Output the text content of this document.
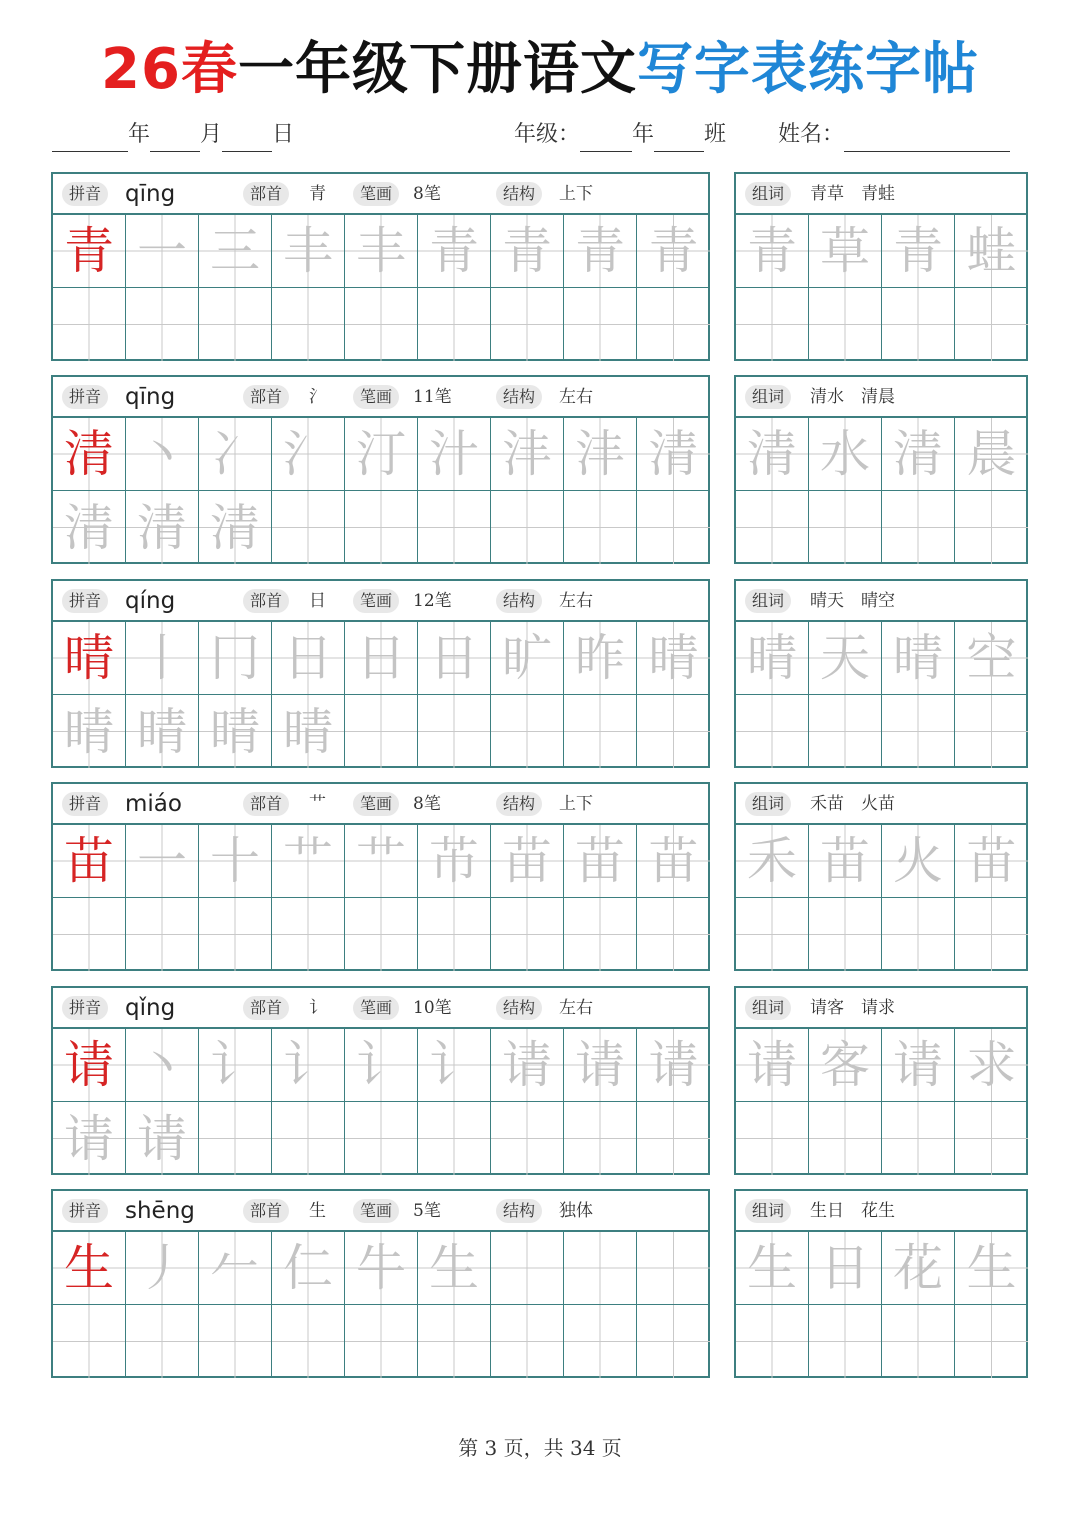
26春一年级下册语文写字表练字帖
年 月 日	年级： 年 班 姓名：
拼音	qīng	部首	青	笔画	8笔	结构	上下
青 一 三 丰 丰 青 青 青 青
组词	青草　青蛙
青 草 青 蛙
拼音	qīng	部首	氵	笔画	11笔	结构	左右
清 丶 冫 氵 汀 汁 沣 沣 清
清 清 清
组词	清水　清晨
清 水 清 晨
拼音	qíng	部首	日	笔画	12笔	结构	左右
晴 丨 冂 日 日 日 旷 昨 晴
晴 晴 晴 晴
组词	晴天　晴空
晴 天 晴 空
拼音	miáo	部首	艹	笔画	8笔	结构	上下
苗 一 十 艹 艹 芇 苗 苗 苗
组词	禾苗　火苗
禾 苗 火 苗
拼音	qǐng	部首	讠	笔画	10笔	结构	左右
请 丶 讠 讠 讠 讠 请 请 请
请 请
组词	请客　请求
请 客 请 求
拼音	shēng	部首	生	笔画	5笔	结构	独体
生 丿 𠂉 仁 牛 生
组词	生日　花生
生 日 花 生
第 3 页，共 34 页
